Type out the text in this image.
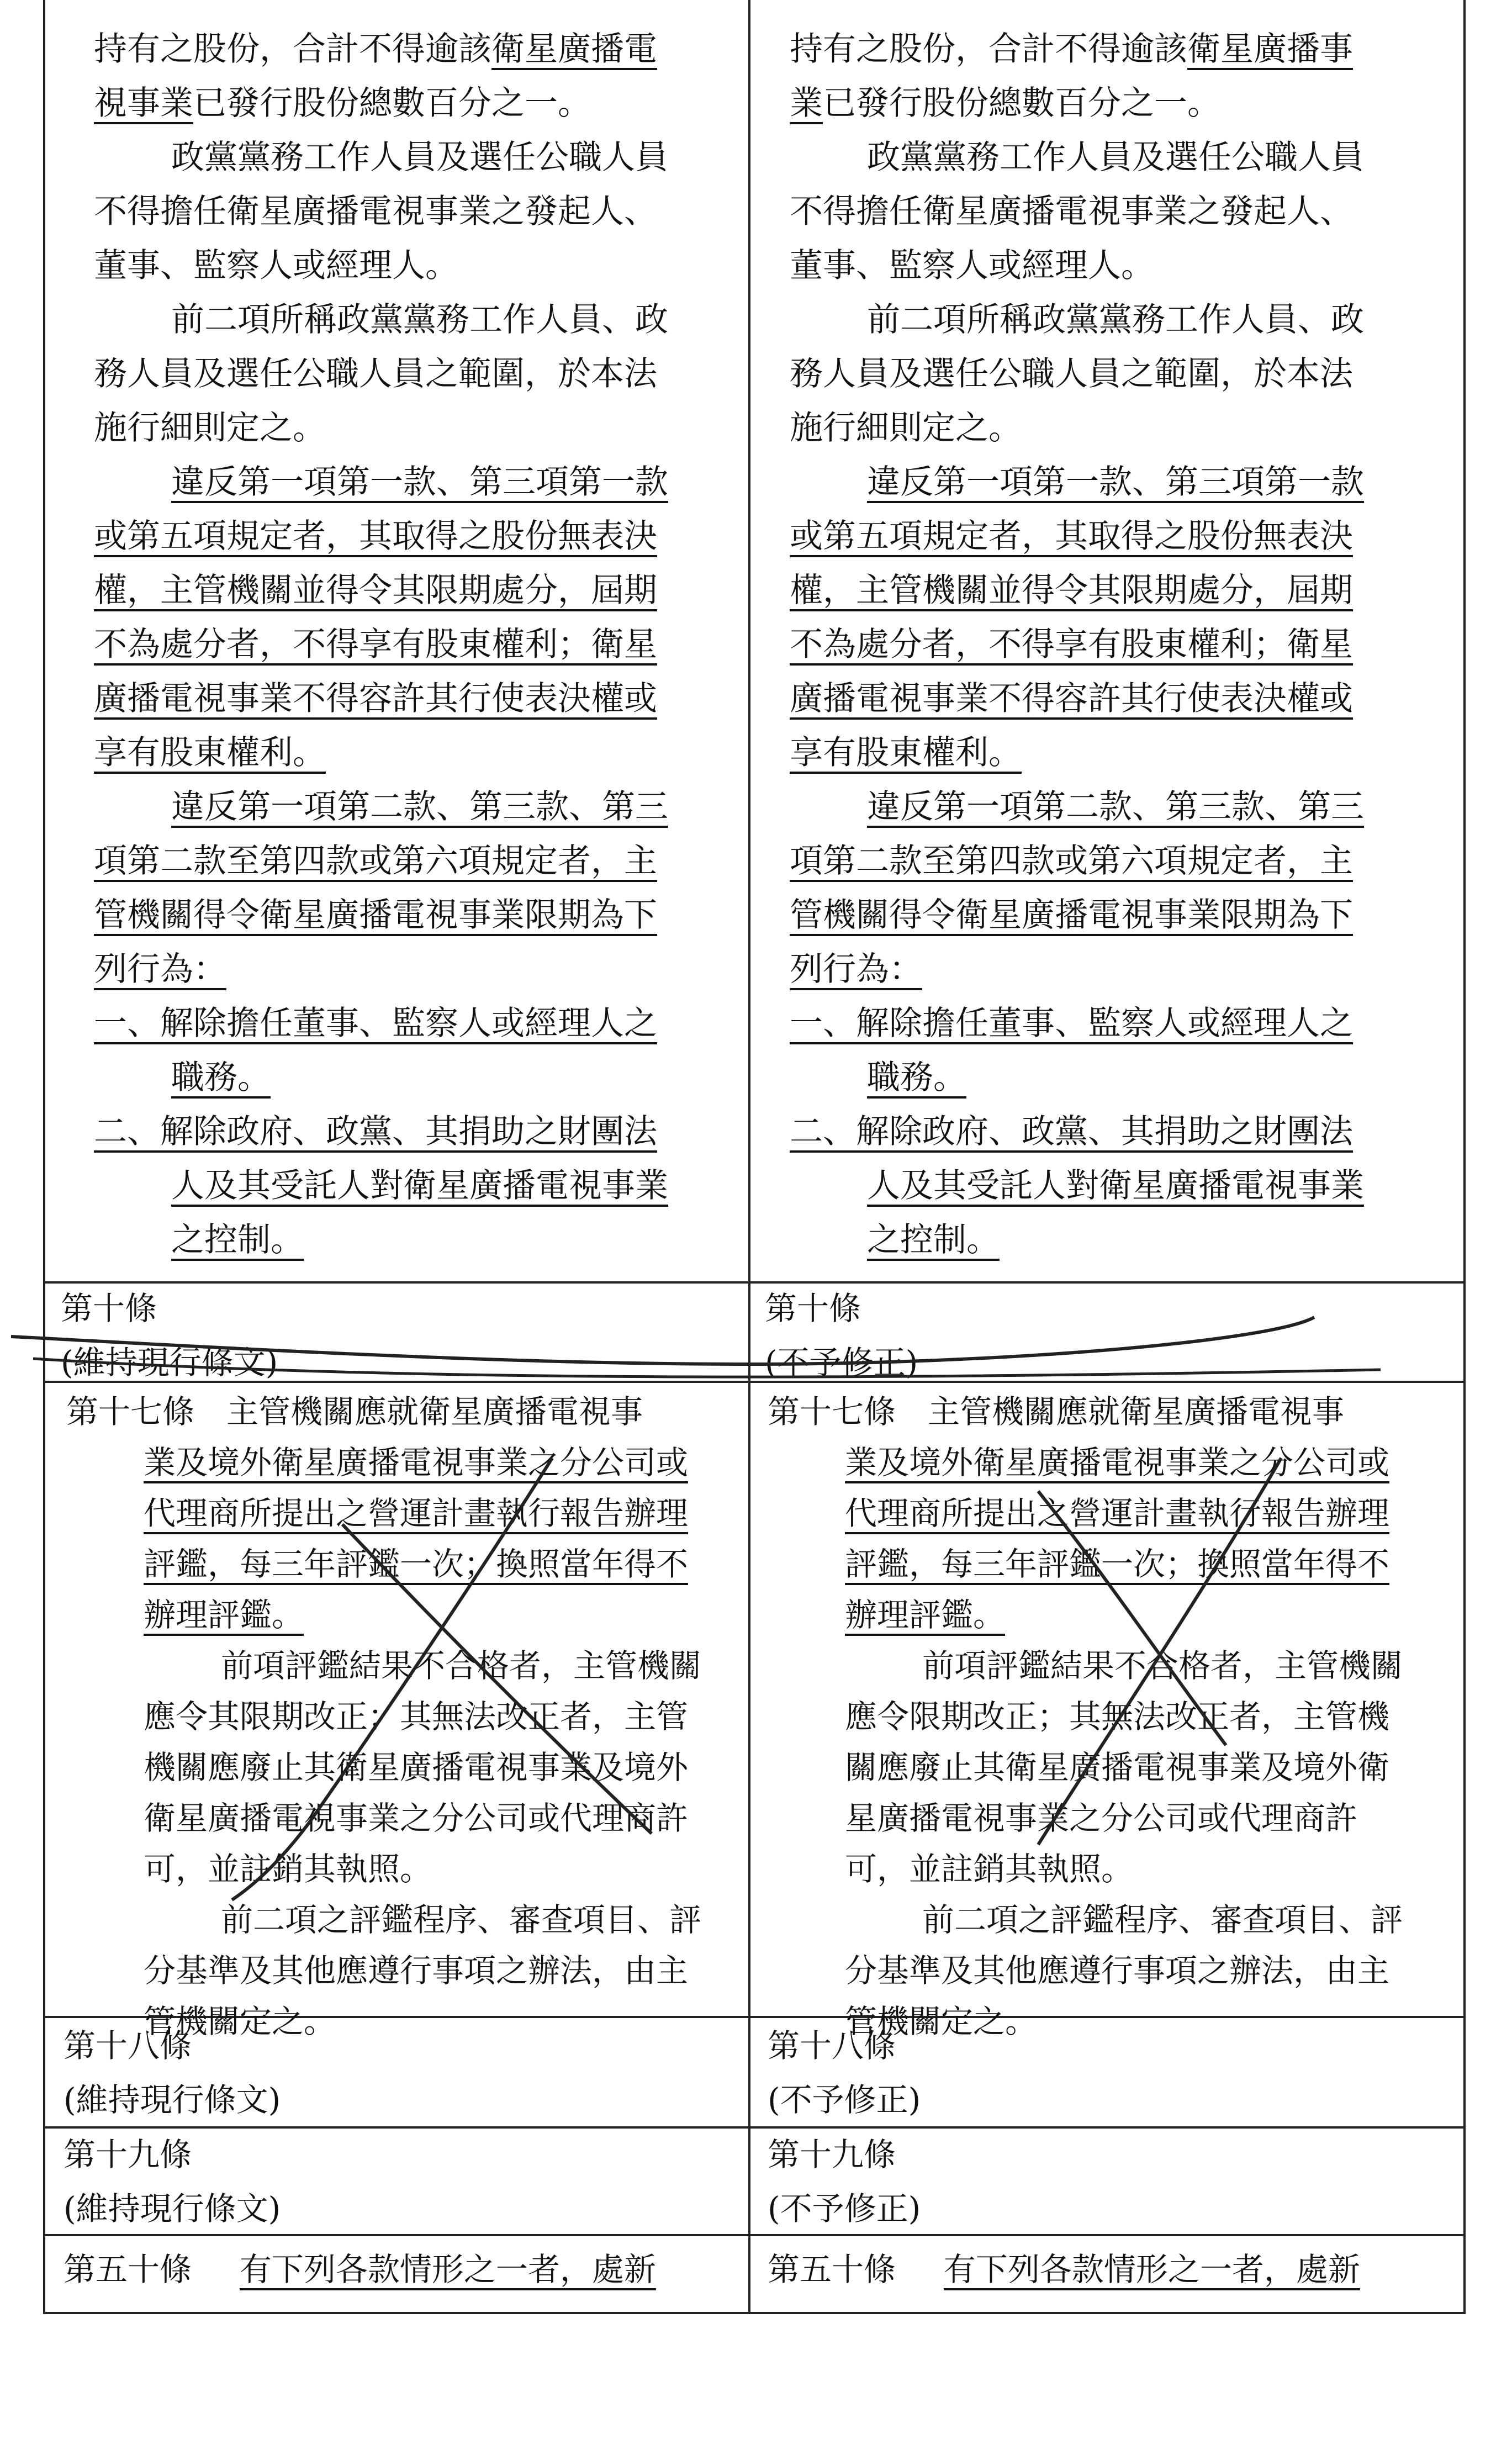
持有之股份，合計不得逾該衛星廣播電

視事業已發行股份總數百分之一。

政黨黨務工作人員及選任公職人員

不得擔任衛星廣播電視事業之發起人、

董事、監察人或經理人。

前二項所稱政黨黨務工作人員、政

務人員及選任公職人員之範圍，於本法

施行細則定之。

違反第一項第一款、第三項第一款

或第五項規定者，其取得之股份無表決

權，主管機關並得令其限期處分，屆期

不為處分者，不得享有股東權利；衛星

廣播電視事業不得容許其行使表決權或

享有股東權利。

違反第一項第二款、第三款、第三

項第二款至第四款或第六項規定者，主

管機關得令衛星廣播電視事業限期為下

列行為：

一、解除擔任董事、監察人或經理人之

職務。

二、解除政府、政黨、其捐助之財團法

人及其受託人對衛星廣播電視事業

之控制。

持有之股份，合計不得逾該衛星廣播事

業已發行股份總數百分之一。

政黨黨務工作人員及選任公職人員

不得擔任衛星廣播電視事業之發起人、

董事、監察人或經理人。

前二項所稱政黨黨務工作人員、政

務人員及選任公職人員之範圍，於本法

施行細則定之。

違反第一項第一款、第三項第一款

或第五項規定者，其取得之股份無表決

權，主管機關並得令其限期處分，屆期

不為處分者，不得享有股東權利；衛星

廣播電視事業不得容許其行使表決權或

享有股東權利。

違反第一項第二款、第三款、第三

項第二款至第四款或第六項規定者，主

管機關得令衛星廣播電視事業限期為下

列行為：

一、解除擔任董事、監察人或經理人之

職務。

二、解除政府、政黨、其捐助之財團法

人及其受託人對衛星廣播電視事業

之控制。

第十條
(維持現行條文)
第十條
(不予修正)

第十七條　主管機關應就衛星廣播電視事

業及境外衛星廣播電視事業之分公司或

代理商所提出之營運計畫執行報告辦理

評鑑，每三年評鑑一次；換照當年得不

辦理評鑑。

前項評鑑結果不合格者，主管機關

應令其限期改正；其無法改正者，主管

機關應廢止其衛星廣播電視事業及境外

衛星廣播電視事業之分公司或代理商許

可，並註銷其執照。

前二項之評鑑程序、審查項目、評

分基準及其他應遵行事項之辦法，由主

管機關定之。

第十七條　主管機關應就衛星廣播電視事

業及境外衛星廣播電視事業之分公司或

代理商所提出之營運計畫執行報告辦理

評鑑，每三年評鑑一次；換照當年得不

辦理評鑑。

前項評鑑結果不合格者，主管機關

應令限期改正；其無法改正者，主管機

關應廢止其衛星廣播電視事業及境外衛

星廣播電視事業之分公司或代理商許

可，並註銷其執照。

前二項之評鑑程序、審查項目、評

分基準及其他應遵行事項之辦法，由主

管機關定之。

第十八條
(維持現行條文)
第十八條
(不予修正)
第十九條
(維持現行條文)
第十九條
(不予修正)
第五十條 有下列各款情形之一者，處新	第五十條 有下列各款情形之一者，處新
